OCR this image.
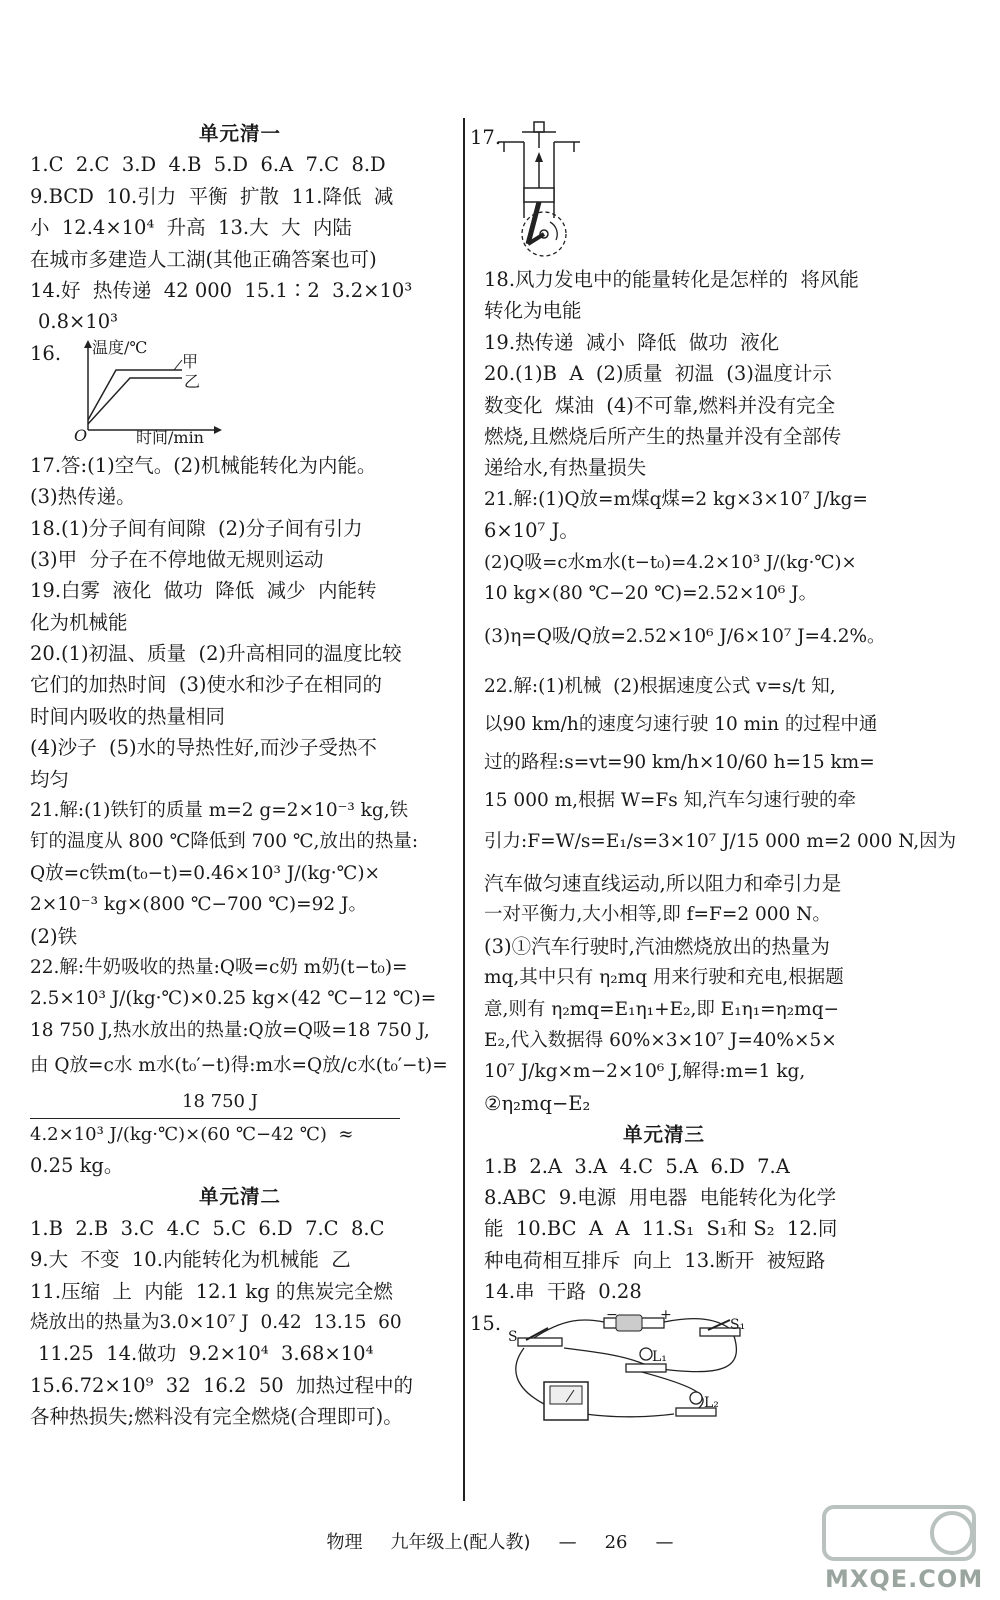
单元清一
1.C  2.C  3.D  4.B  5.D  6.A  7.C  8.D
9.BCD  10.引力  平衡  扩散  11.降低  减
小  12.4×10⁴  升高  13.大  大  内陆
在城市多建造人工湖(其他正确答案也可)
14.好  热传递  42 000  15.1∶2  3.2×10³
0.8×10³
16. 温度/℃
甲
乙
O	时间/min
17.答:(1)空气。(2)机械能转化为内能。
(3)热传递。
18.(1)分子间有间隙  (2)分子间有引力
(3)甲  分子在不停地做无规则运动
19.白雾  液化  做功  降低  减少  内能转
化为机械能
20.(1)初温、质量  (2)升高相同的温度比较
它们的加热时间  (3)使水和沙子在相同的
时间内吸收的热量相同
(4)沙子  (5)水的导热性好,而沙子受热不
均匀
21.解:(1)铁钉的质量 m=2 g=2×10⁻³ kg,铁
钉的温度从 800 ℃降低到 700 ℃,放出的热量:
Q放=c铁m(t₀−t)=0.46×10³ J/(kg·℃)×
2×10⁻³ kg×(800 ℃−700 ℃)=92 J。
(2)铁
22.解:牛奶吸收的热量:Q吸=c奶 m奶(t−t₀)=
2.5×10³ J/(kg·℃)×0.25 kg×(42 ℃−12 ℃)=
18 750 J,热水放出的热量:Q放=Q吸=18 750 J,
由 Q放=c水 m水(t₀′−t)得:m水=Q放/c水(t₀′−t)=
18 750 J
4.2×10³ J/(kg·℃)×(60 ℃−42 ℃)  ≈
0.25 kg。
单元清二
1.B  2.B  3.C  4.C  5.C  6.D  7.C  8.C
9.大  不变  10.内能转化为机械能  乙
11.压缩  上  内能  12.1 kg 的焦炭完全燃
烧放出的热量为3.0×10⁷ J  0.42  13.15  60
11.25  14.做功  9.2×10⁴  3.68×10⁴
15.6.72×10⁹  32  16.2  50  加热过程中的
各种热损失;燃料没有完全燃烧(合理即可)。
17.
18.风力发电中的能量转化是怎样的  将风能
转化为电能
19.热传递  减小  降低  做功  液化
20.(1)B  A  (2)质量  初温  (3)温度计示
数变化  煤油  (4)不可靠,燃料并没有完全
燃烧,且燃烧后所产生的热量并没有全部传
递给水,有热量损失
21.解:(1)Q放=m煤q煤=2 kg×3×10⁷ J/kg=
6×10⁷ J。
(2)Q吸=c水m水(t−t₀)=4.2×10³ J/(kg·℃)×
10 kg×(80 ℃−20 ℃)=2.52×10⁶ J。
(3)η=Q吸/Q放=2.52×10⁶ J/6×10⁷ J=4.2%。
22.解:(1)机械  (2)根据速度公式 v=s/t 知,
以90 km/h的速度匀速行驶 10 min 的过程中通
过的路程:s=vt=90 km/h×10/60 h=15 km=
15 000 m,根据 W=Fs 知,汽车匀速行驶的牵
引力:F=W/s=E₁/s=3×10⁷ J/15 000 m=2 000 N,因为
汽车做匀速直线运动,所以阻力和牵引力是
一对平衡力,大小相等,即 f=F=2 000 N。
(3)①汽车行驶时,汽油燃烧放出的热量为
mq,其中只有 η₂mq 用来行驶和充电,根据题
意,则有 η₂mq=E₁η₁+E₂,即 E₁η₁=η₂mq−
E₂,代入数据得 60%×3×10⁷ J=40%×5×
10⁷ J/kg×m−2×10⁶ J,解得:m=1 kg,
②η₂mq−E₂
单元清三
1.B  2.A  3.A  4.C  5.A  6.D  7.A
8.ABC  9.电源  用电器  电能转化为化学
能  10.BC  A  A  11.S₁  S₁和 S₂  12.同
种电荷相互排斥  向上  13.断开  被短路
14.串  干路  0.28
15.	−	+
S
S₁
L₁
L₂
物理 九年级上(配人教) — 26 —
MXQE.COM
